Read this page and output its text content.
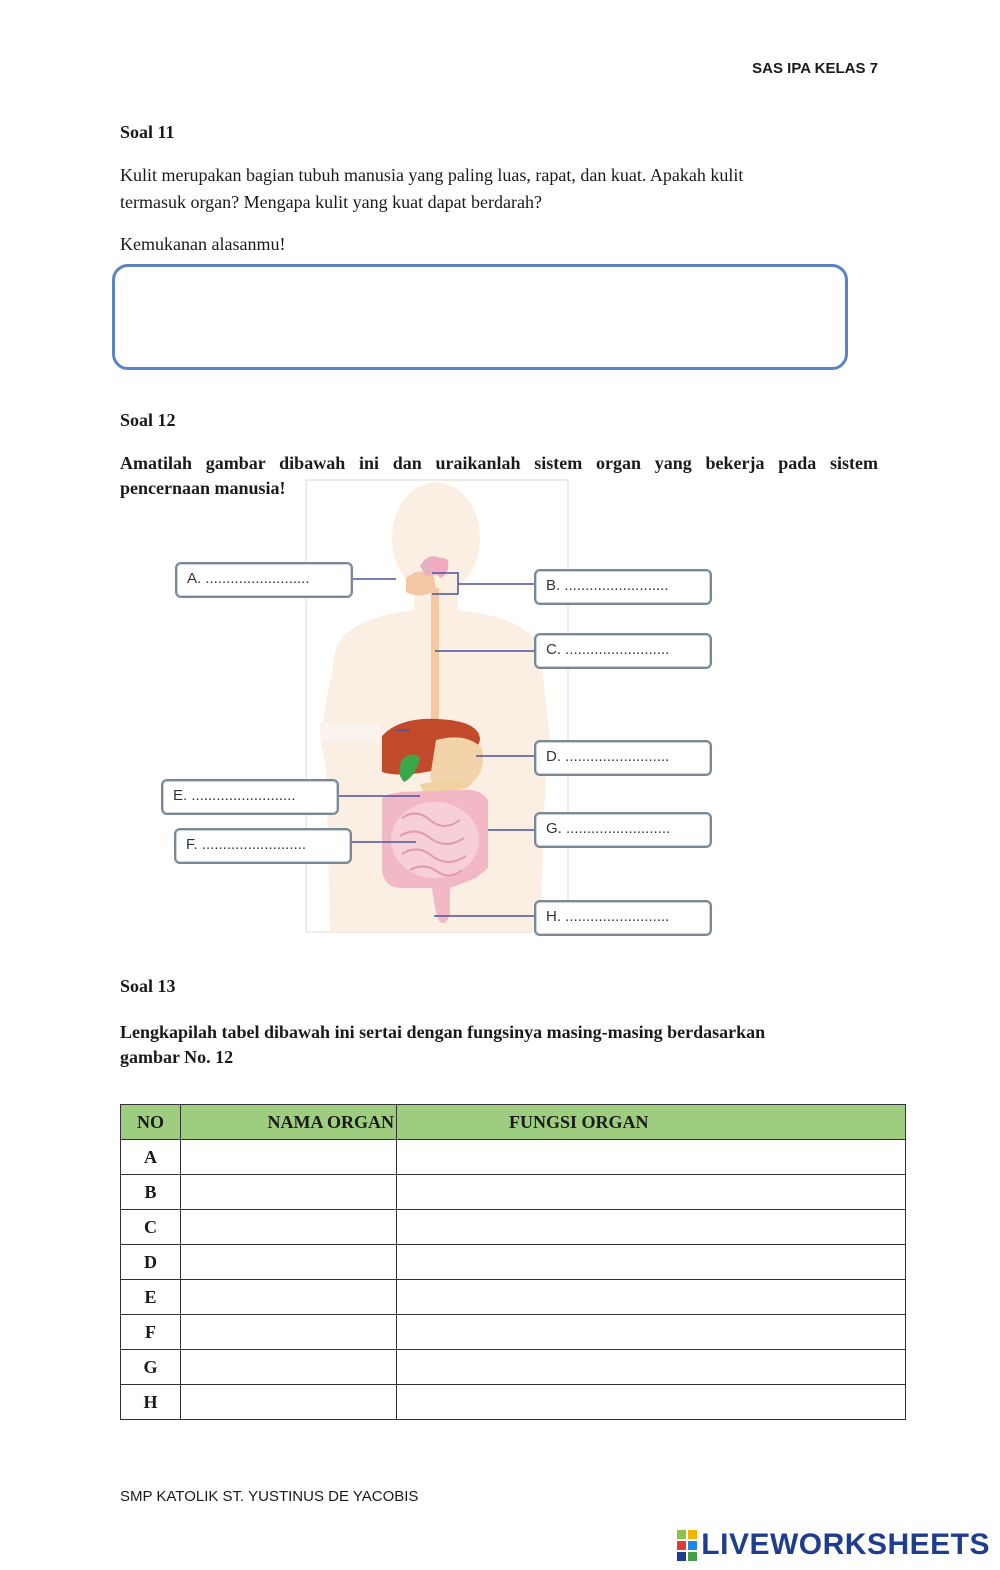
SAS IPA KELAS 7
Soal 11
Kulit merupakan bagian tubuh manusia yang paling luas, rapat, dan kuat. Apakah kulit
termasuk organ? Mengapa kulit yang kuat dapat berdarah?
Kemukanan alasanmu!
Soal 12
A. .........................	B. .........................
C. .........................
D. .........................
E. .........................
F. .........................
G. .........................
H. .........................
Amatilah gambar dibawah ini dan uraikanlah sistem organ yang bekerja pada sistem
pencernaan manusia!
Soal 13
Lengkapilah tabel dibawah ini sertai dengan fungsinya masing-masing berdasarkan
gambar No. 12
NO	NAMA ORGAN	FUNGSI ORGAN
A		
B		
C		
D		
E		
F		
G		
H		
SMP KATOLIK ST. YUSTINUS DE YACOBIS
LIVEWORKSHEETS
